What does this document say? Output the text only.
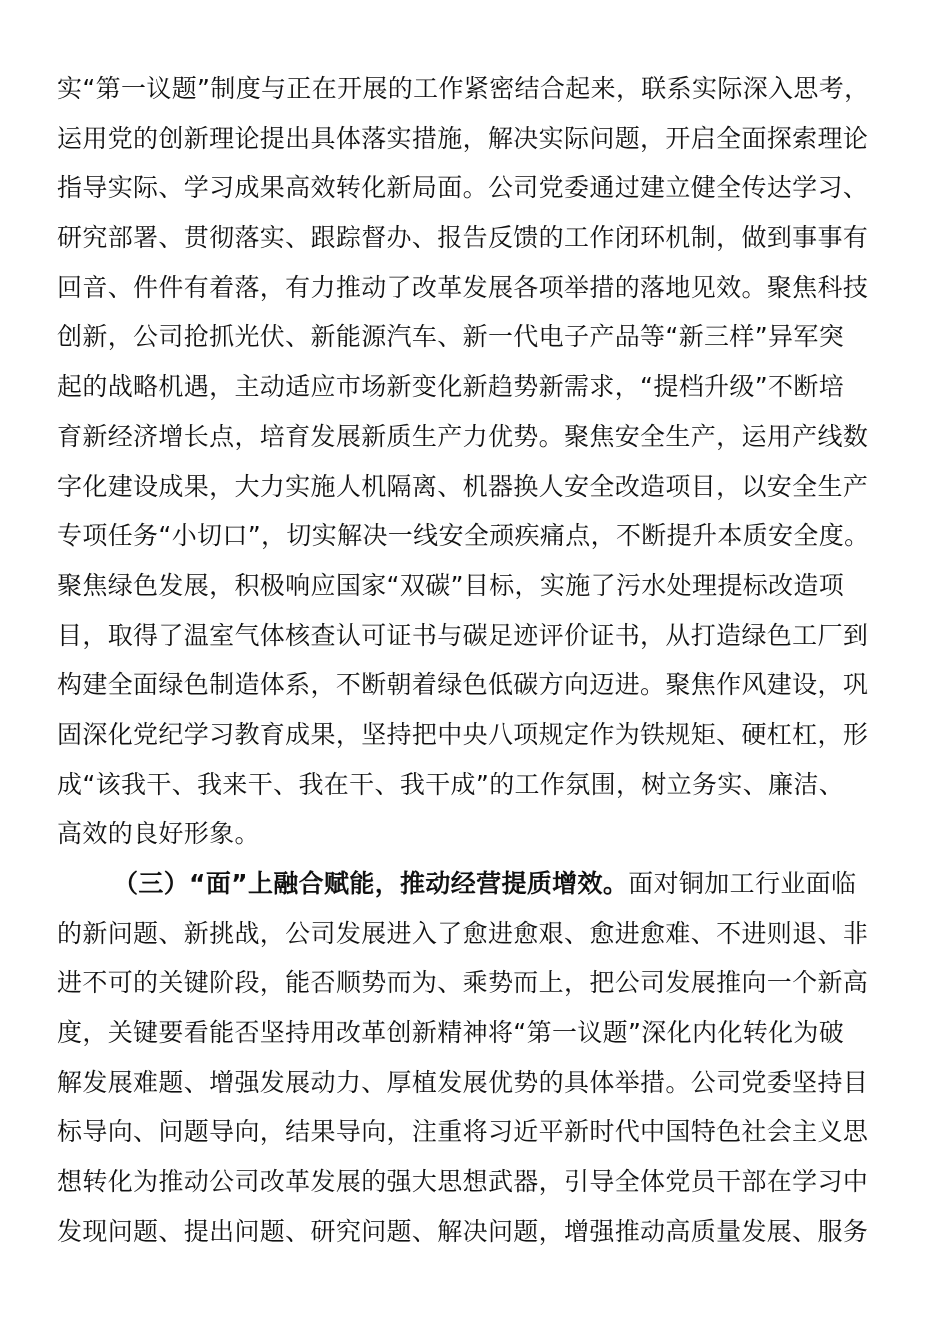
实“第一议题”制度与正在开展的工作紧密结合起来，联系实际深入思考，
运用党的创新理论提出具体落实措施，解决实际问题，开启全面探索理论
指导实际、学习成果高效转化新局面。公司党委通过建立健全传达学习、
研究部署、贯彻落实、跟踪督办、报告反馈的工作闭环机制，做到事事有
回音、件件有着落，有力推动了改革发展各项举措的落地见效。聚焦科技
创新，公司抢抓光伏、新能源汽车、新一代电子产品等“新三样”异军突
起的战略机遇，主动适应市场新变化新趋势新需求，“提档升级”不断培
育新经济增长点，培育发展新质生产力优势。聚焦安全生产，运用产线数
字化建设成果，大力实施人机隔离、机器换人安全改造项目，以安全生产
专项任务“小切口”，切实解决一线安全顽疾痛点，不断提升本质安全度。
聚焦绿色发展，积极响应国家“双碳”目标，实施了污水处理提标改造项
目，取得了温室气体核查认可证书与碳足迹评价证书，从打造绿色工厂到
构建全面绿色制造体系，不断朝着绿色低碳方向迈进。聚焦作风建设，巩
固深化党纪学习教育成果，坚持把中央八项规定作为铁规矩、硬杠杠，形
成“该我干、我来干、我在干、我干成”的工作氛围，树立务实、廉洁、
高效的良好形象。
（三）“面”上融合赋能，推动经营提质增效。面对铜加工行业面临
的新问题、新挑战，公司发展进入了愈进愈艰、愈进愈难、不进则退、非
进不可的关键阶段，能否顺势而为、乘势而上，把公司发展推向一个新高
度，关键要看能否坚持用改革创新精神将“第一议题”深化内化转化为破
解发展难题、增强发展动力、厚植发展优势的具体举措。公司党委坚持目
标导向、问题导向，结果导向，注重将习近平新时代中国特色社会主义思
想转化为推动公司改革发展的强大思想武器，引导全体党员干部在学习中
发现问题、提出问题、研究问题、解决问题，增强推动高质量发展、服务
